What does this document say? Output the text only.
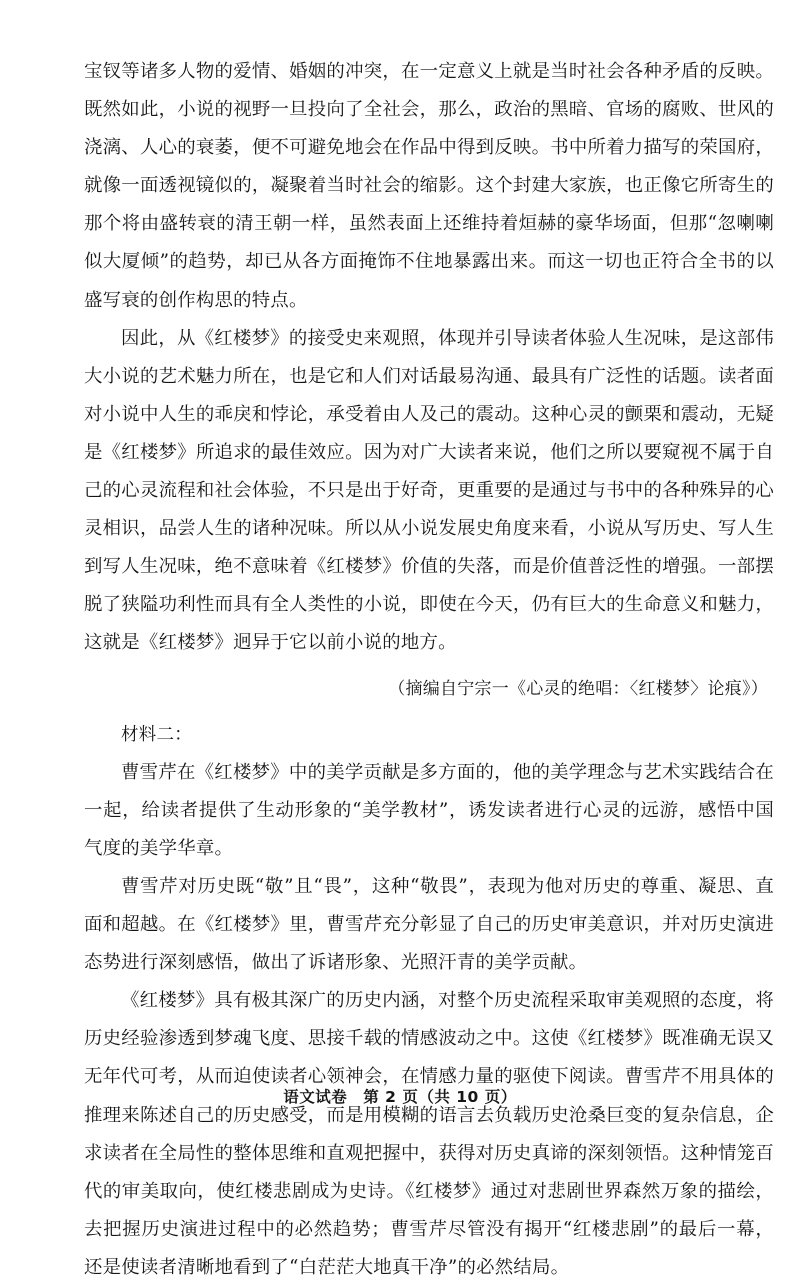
宝钗等诸多人物的爱情、婚姻的冲突，在一定意义上就是当时社会各种矛盾的反映。既然如此，小说的视野一旦投向了全社会，那么，政治的黑暗、官场的腐败、世风的浇漓、人心的衰萎，便不可避免地会在作品中得到反映。书中所着力描写的荣国府，就像一面透视镜似的，凝聚着当时社会的缩影。这个封建大家族，也正像它所寄生的那个将由盛转衰的清王朝一样，虽然表面上还维持着烜赫的豪华场面，但那“忽喇喇似大厦倾”的趋势，却已从各方面掩饰不住地暴露出来。而这一切也正符合全书的以盛写衰的创作构思的特点。

因此，从《红楼梦》的接受史来观照，体现并引导读者体验人生况味，是这部伟大小说的艺术魅力所在，也是它和人们对话最易沟通、最具有广泛性的话题。读者面对小说中人生的乖戾和悖论，承受着由人及己的震动。这种心灵的颤栗和震动，无疑是《红楼梦》所追求的最佳效应。因为对广大读者来说，他们之所以要窥视不属于自己的心灵流程和社会体验，不只是出于好奇，更重要的是通过与书中的各种殊异的心灵相识，品尝人生的诸种况味。所以从小说发展史角度来看，小说从写历史、写人生到写人生况味，绝不意味着《红楼梦》价值的失落，而是价值普泛性的增强。一部摆脱了狭隘功利性而具有全人类性的小说，即使在今天，仍有巨大的生命意义和魅力，这就是《红楼梦》迥异于它以前小说的地方。

（摘编自宁宗一《心灵的绝唱：〈红楼梦〉论痕》）

材料二：

曹雪芹在《红楼梦》中的美学贡献是多方面的，他的美学理念与艺术实践结合在一起，给读者提供了生动形象的“美学教材”，诱发读者进行心灵的远游，感悟中国气度的美学华章。

曹雪芹对历史既“敬”且“畏”，这种“敬畏”，表现为他对历史的尊重、凝思、直面和超越。在《红楼梦》里，曹雪芹充分彰显了自己的历史审美意识，并对历史演进态势进行深刻感悟，做出了诉诸形象、光照汗青的美学贡献。

《红楼梦》具有极其深广的历史内涵，对整个历史流程采取审美观照的态度，将历史经验渗透到梦魂飞度、思接千载的情感波动之中。这使《红楼梦》既准确无误又无年代可考，从而迫使读者心领神会，在情感力量的驱使下阅读。曹雪芹不用具体的推理来陈述自己的历史感受，而是用模糊的语言去负载历史沧桑巨变的复杂信息，企求读者在全局性的整体思维和直观把握中，获得对历史真谛的深刻领悟。这种情笼百代的审美取向，使红楼悲剧成为史诗。《红楼梦》通过对悲剧世界森然万象的描绘，去把握历史演进过程中的必然趋势；曹雪芹尽管没有揭开“红楼悲剧”的最后一幕，还是使读者清晰地看到了“白茫茫大地真干净”的必然结局。

语文试卷　第 2 页（共 10 页）
